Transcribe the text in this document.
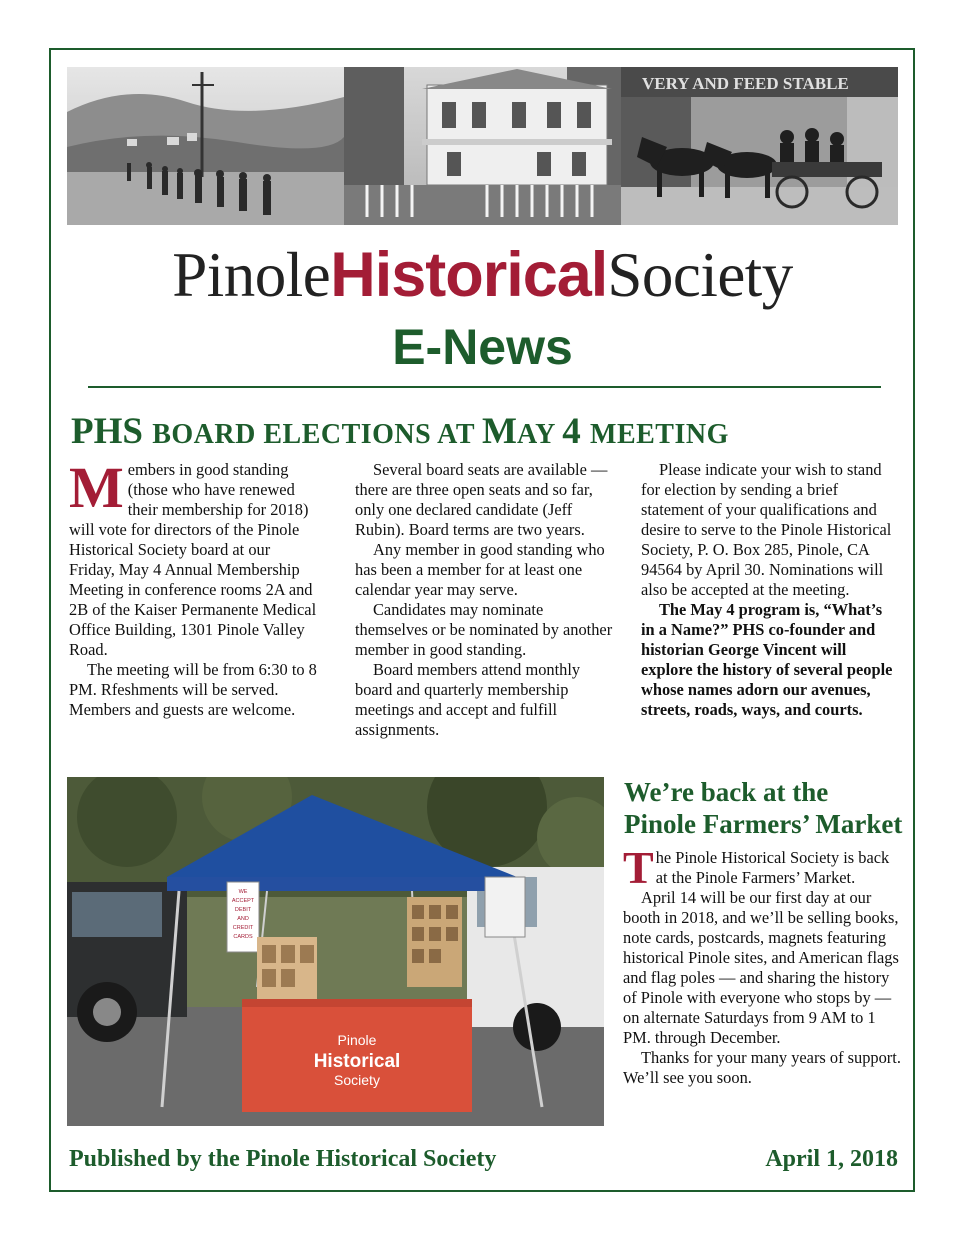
VERY AND FEED STABLE
PinoleHistoricalSociety
E-News
PHS BOARD ELECTIONS AT MAY 4 MEETING
M embers in good standing (those who have renewed their membership for 2018) will vote for directors of the Pinole Historical Society board at our Friday, May 4 Annual Membership Meeting in conference rooms 2A and 2B of the Kaiser Permanente Medical Office Building, 1301 Pinole Valley Road.

The meeting will be from 6:30 to 8 PM. Rfeshments will be served. Members and guests are welcome.

Several board seats are available — there are three open seats and so far, only one declared candidate (Jeff Rubin). Board terms are two years.

Any member in good standing who has been a member for at least one calendar year may serve.

Candidates may nominate themselves or be nominated by another member in good standing.

Board members attend monthly board and quarterly membership meetings and accept and fulfill assignments.

Please indicate your wish to stand for election by sending a brief statement of your qualifications and desire to serve to the Pinole Historical Society, P. O. Box 285, Pinole, CA 94564 by April 30. Nominations will also be accepted at the meeting.

The May 4 program is, “What’s in a Name?” PHS co-founder and historian George Vincent will explore the history of several people whose names adorn our avenues, streets, roads, ways, and courts.

WE
ACCEPT
DEBIT
AND
CREDIT
CARDS
Pinole
Historical
Society
We’re back at the
Pinole Farmers’ Market
T he Pinole Historical Society is back at the Pinole Farmers’ Market.

April 14 will be our first day at our booth in 2018, and we’ll be selling books, note cards, postcards, magnets featuring historical Pinole sites, and American flags and flag poles — and sharing the history of Pinole with everyone who stops by — on alternate Saturdays from 9 AM to 1 PM. through December.

Thanks for your many years of support. We’ll see you soon.

Published by the Pinole Historical Society	April 1, 2018
